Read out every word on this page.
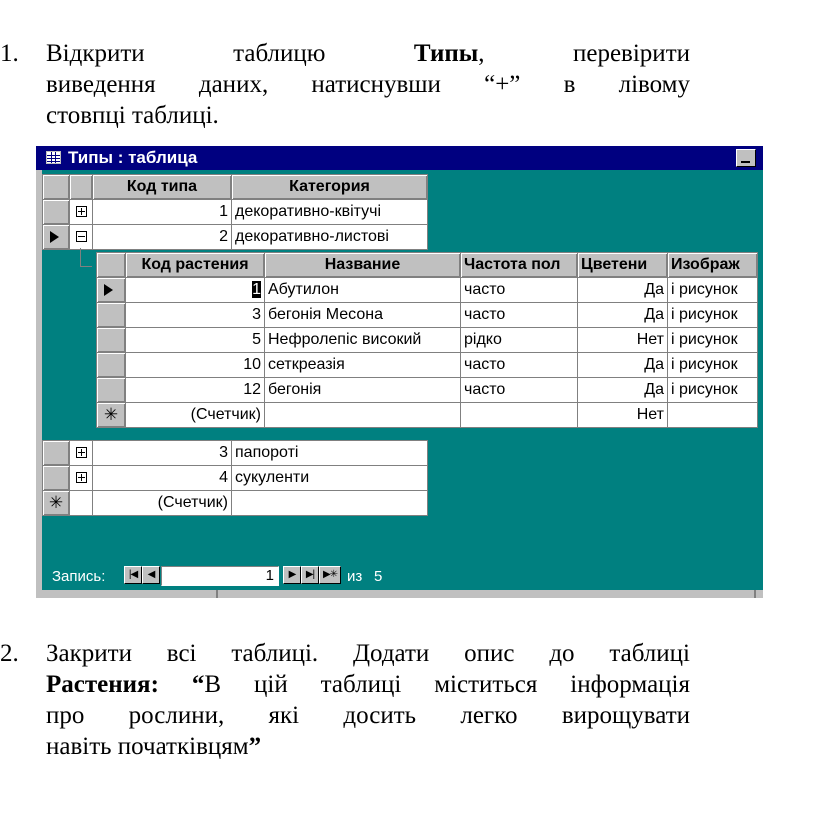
1. Відкрити таблицю	Типы, перевірити
виведення даних, натиснувши “+” в лівому
стовпці таблиці.
Типы : таблица
		Код типа	Категория

	1	декоративно-квітучі

	2	декоративно-листові
	Код растения	Название	Частота пол	Цветени	Изображ

	1	Абутилон	часто	Да	і рисунок
	3	бегонія Месона	часто	Да	і рисунок
	5	Нефролепіс високий	рідко	Нет	і рисунок
	10	сеткреазія	часто	Да	і рисунок
	12	бегонія	часто	Да	і рисунок

✳	(Счетчик)			Нет	

	3	папороті

	4	сукуленти

✳		(Счетчик)	
Запись:	|◀	◀	1	▶	▶| ▶✳ из 5
2. Закрити всі таблиці. Додати опис до таблиці
Растения: “В цій таблиці міститься інформація
про рослини, які досить легко вирощувати
навіть початківцям”
